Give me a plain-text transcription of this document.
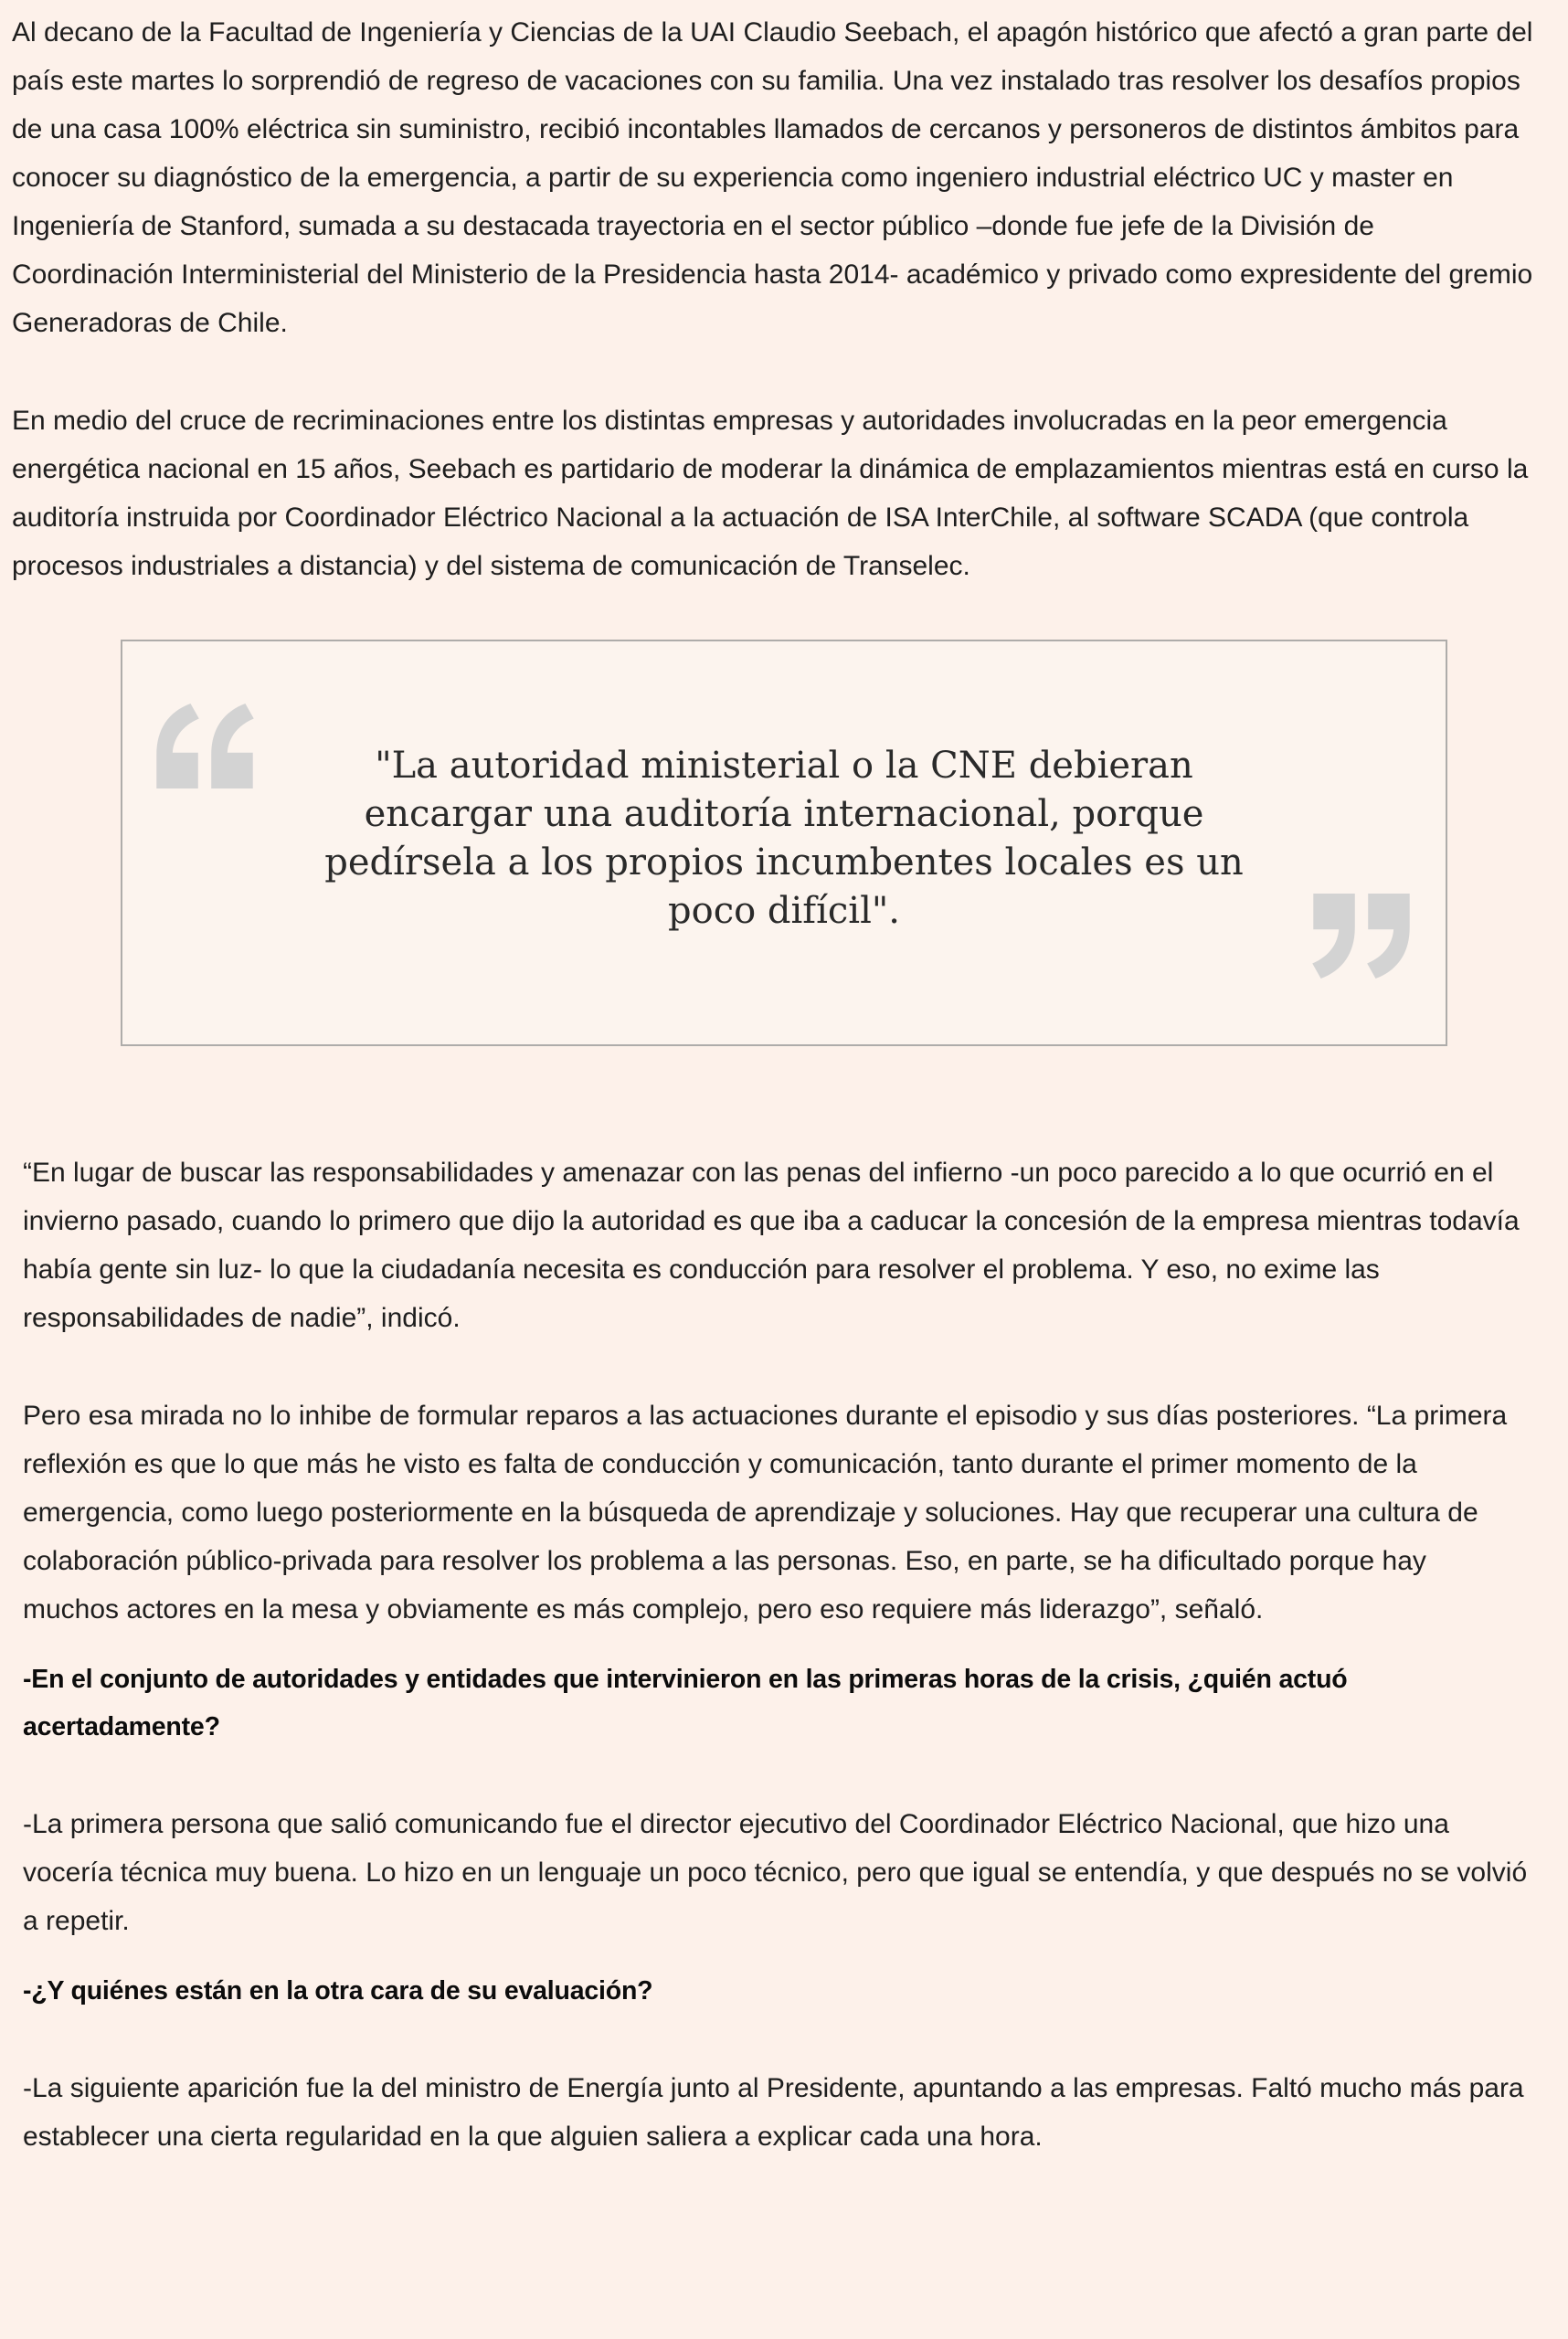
Al decano de la Facultad de Ingeniería y Ciencias de la UAI Claudio Seebach, el apagón histórico que afectó a gran parte del país este martes lo sorprendió de regreso de vacaciones con su familia. Una vez instalado tras resolver los desafíos propios de una casa 100% eléctrica sin suministro, recibió incontables llamados de cercanos y personeros de distintos ámbitos para conocer su diagnóstico de la emergencia, a partir de su experiencia como ingeniero industrial eléctrico UC y master en Ingeniería de Stanford, sumada a su destacada trayectoria en el sector público –donde fue jefe de la División de Coordinación Interministerial del Ministerio de la Presidencia hasta 2014- académico y privado como expresidente del gremio Generadoras de Chile.

En medio del cruce de recriminaciones entre los distintas empresas y autoridades involucradas en la peor emergencia energética nacional en 15 años, Seebach es partidario de moderar la dinámica de emplazamientos mientras está en curso la auditoría instruida por Coordinador Eléctrico Nacional a la actuación de ISA InterChile, al software SCADA (que controla procesos industriales a distancia) y del sistema de comunicación de Transelec.

"La autoridad ministerial o la CNE debieran
encargar una auditoría internacional, porque
pedírsela a los propios incumbentes locales es un
poco difícil".

“En lugar de buscar las responsabilidades y amenazar con las penas del infierno -un poco parecido a lo que ocurrió en el invierno pasado, cuando lo primero que dijo la autoridad es que iba a caducar la concesión de la empresa mientras todavía había gente sin luz- lo que la ciudadanía necesita es conducción para resolver el problema. Y eso, no exime las responsabilidades de nadie”, indicó.

Pero esa mirada no lo inhibe de formular reparos a las actuaciones durante el episodio y sus días posteriores. “La primera reflexión es que lo que más he visto es falta de conducción y comunicación, tanto durante el primer momento de la emergencia, como luego posteriormente en la búsqueda de aprendizaje y soluciones. Hay que recuperar una cultura de colaboración público-privada para resolver los problema a las personas. Eso, en parte, se ha dificultado porque hay muchos actores en la mesa y obviamente es más complejo, pero eso requiere más liderazgo”, señaló.

-En el conjunto de autoridades y entidades que intervinieron en las primeras horas de la crisis, ¿quién actuó acertadamente?

-La primera persona que salió comunicando fue el director ejecutivo del Coordinador Eléctrico Nacional, que hizo una vocería técnica muy buena. Lo hizo en un lenguaje un poco técnico, pero que igual se entendía, y que después no se volvió a repetir.

-¿Y quiénes están en la otra cara de su evaluación?

-La siguiente aparición fue la del ministro de Energía junto al Presidente, apuntando a las empresas. Faltó mucho más para establecer una cierta regularidad en la que alguien saliera a explicar cada una hora.
